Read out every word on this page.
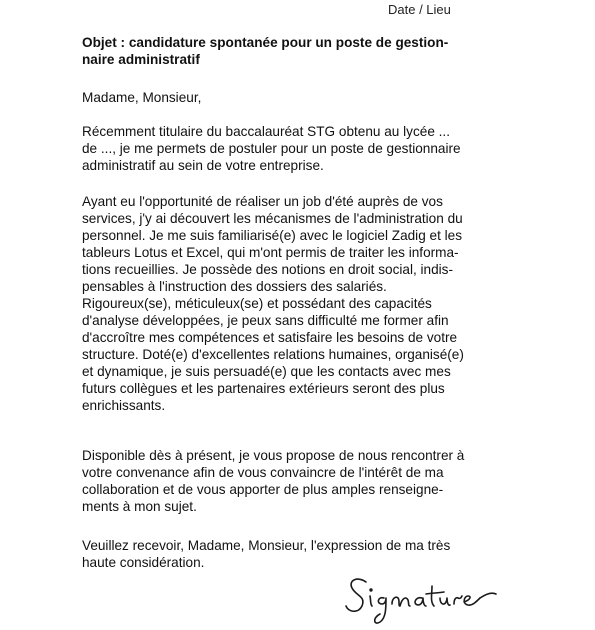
Date / Lieu
Objet : candidature spontanée pour un poste de gestion-
naire administratif
Madame, Monsieur,
Récemment titulaire du baccalauréat STG obtenu au lycée ...
de ..., je me permets de postuler pour un poste de gestionnaire
administratif au sein de votre entreprise.
Ayant eu l'opportunité de réaliser un job d'été auprès de vos
services, j'y ai découvert les mécanismes de l'administration du
personnel. Je me suis familiarisé(e) avec le logiciel Zadig et les
tableurs Lotus et Excel, qui m'ont permis de traiter les informa-
tions recueillies. Je possède des notions en droit social, indis-
pensables à l'instruction des dossiers des salariés.
Rigoureux(se), méticuleux(se) et possédant des capacités
d'analyse développées, je peux sans difficulté me former afin
d'accroître mes compétences et satisfaire les besoins de votre
structure. Doté(e) d'excellentes relations humaines, organisé(e)
et dynamique, je suis persuadé(e) que les contacts avec mes
futurs collègues et les partenaires extérieurs seront des plus
enrichissants.
Disponible dès à présent, je vous propose de nous rencontrer à
votre convenance afin de vous convaincre de l'intérêt de ma
collaboration et de vous apporter de plus amples renseigne-
ments à mon sujet.
Veuillez recevoir, Madame, Monsieur, l'expression de ma très
haute considération.
